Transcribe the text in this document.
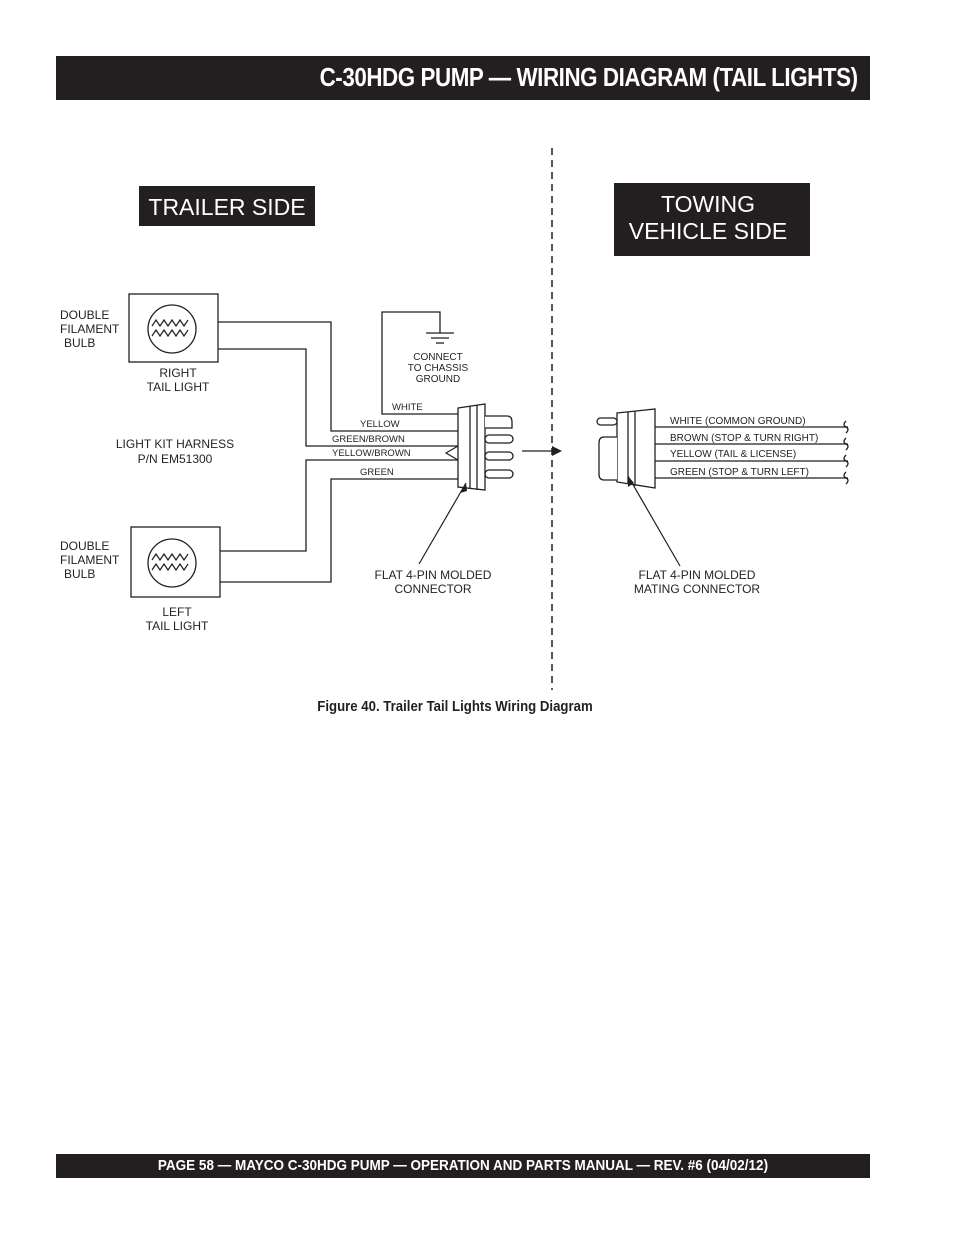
C-30HDG PUMP — WIRING DIAGRAM (TAIL LIGHTS)
TRAILER SIDE	TOWING
VEHICLE SIDE
DOUBLE
FILAMENT
BULB
RIGHT
TAIL LIGHT
DOUBLE
FILAMENT
BULB
LEFT
TAIL LIGHT
LIGHT KIT HARNESS
P/N EM51300
CONNECT
TO CHASSIS
GROUND
WHITE
YELLOW
GREEN/BROWN
YELLOW/BROWN
GREEN
FLAT 4-PIN MOLDED
CONNECTOR
WHITE (COMMON GROUND)
BROWN (STOP & TURN RIGHT)
YELLOW (TAIL & LICENSE)
GREEN (STOP & TURN LEFT)
FLAT 4-PIN MOLDED
MATING CONNECTOR
Figure 40. Trailer Tail Lights Wiring Diagram
PAGE 58 — MAYCO C-30HDG PUMP — OPERATION AND PARTS MANUAL — REV. #6 (04/02/12)
